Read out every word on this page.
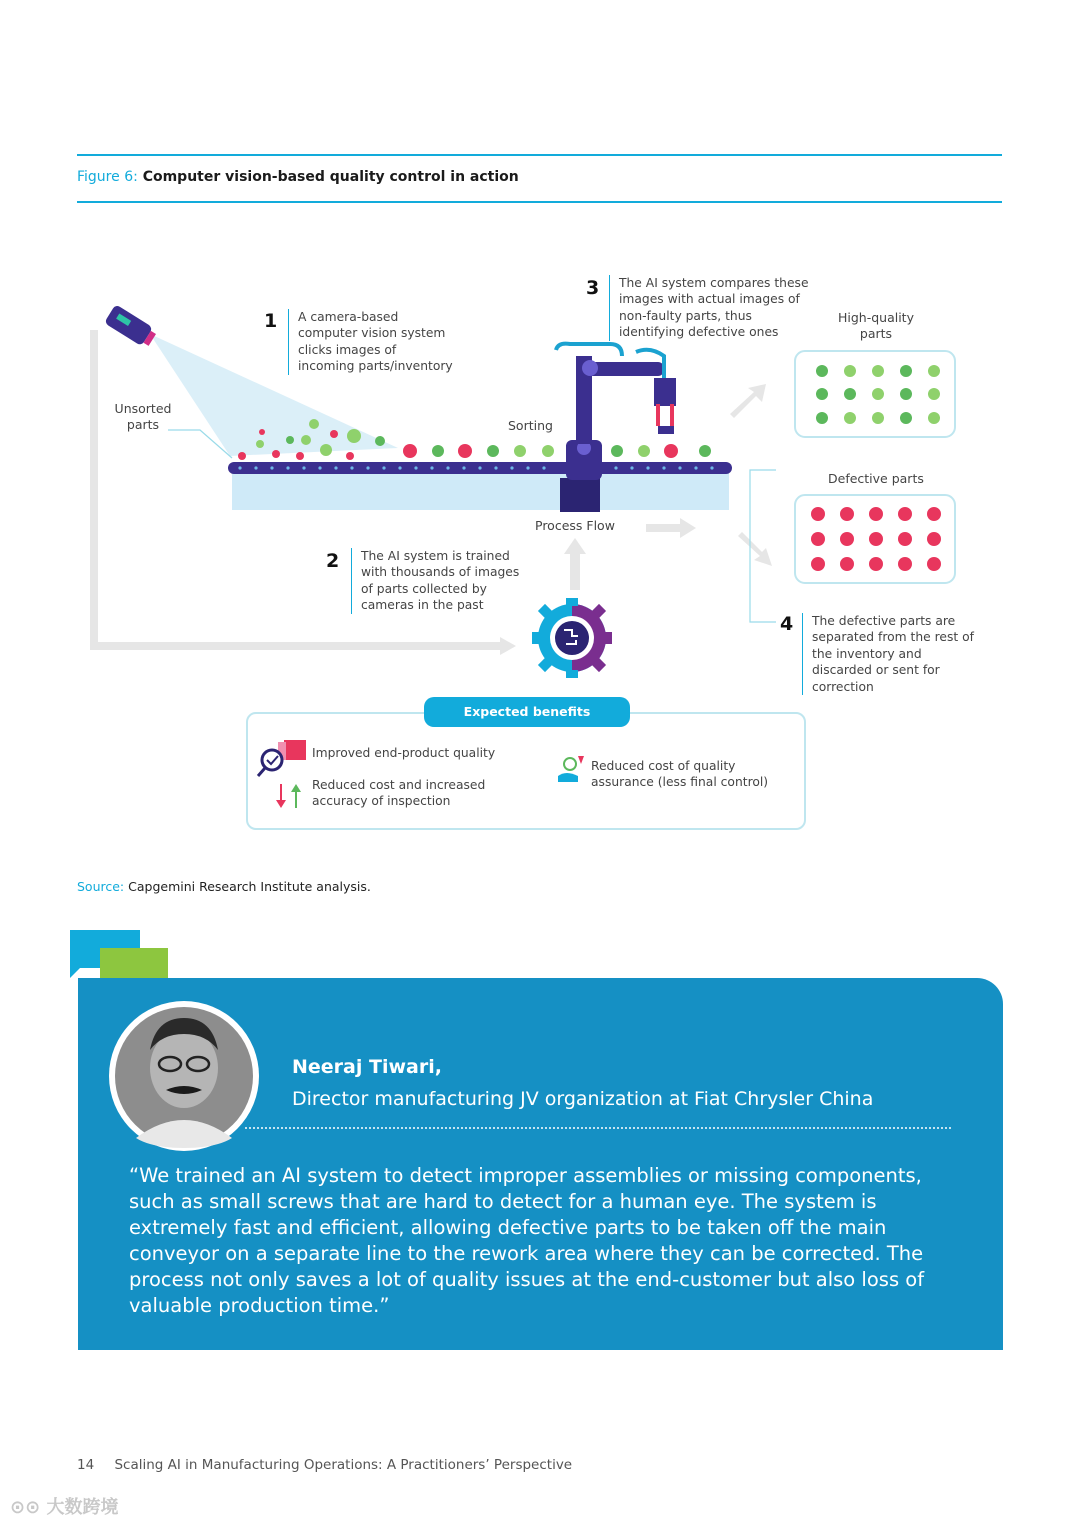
Figure 6: Computer vision-based quality control in action
Unsorted parts	Sorting
Process Flow
High-quality parts
Defective parts
1	A camera-based computer vision system clicks images of incoming parts/inventory
2	The AI system is trained with thousands of images of parts collected by cameras in the past
3	The AI system compares these images with actual images of non-faulty parts, thus identifying defective ones
4	The defective parts are separated from the rest of the inventory and discarded or sent for correction
Expected benefits
Improved end-product quality
Reduced cost and increased accuracy of inspection
Reduced cost of quality assurance (less final control)
Source: Capgemini Research Institute analysis.
Neeraj Tiwari,
Director manufacturing JV organization at Fiat Chrysler China
“We trained an AI system to detect improper assemblies or missing components, such as small screws that are hard to detect for a human eye. The system is extremely fast and efficient, allowing defective parts to be taken off the main conveyor on a separate line to the rework area where they can be corrected. The process not only saves a lot of quality issues at the end-customer but also loss of valuable production time.”
14 Scaling AI in Manufacturing Operations: A Practitioners’ Perspective
⊙⊙ 大数跨境
